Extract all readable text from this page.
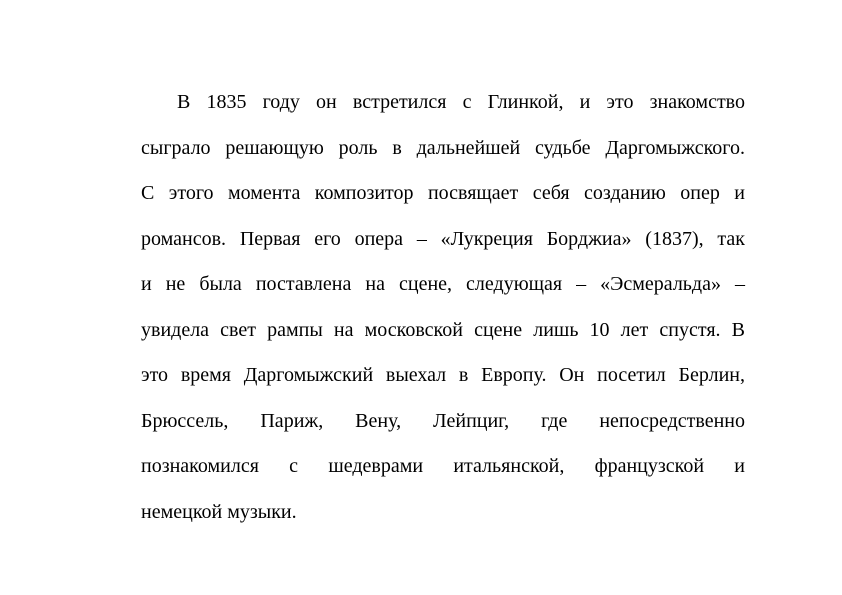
В 1835 году он встретился с Глинкой, и это знакомство
сыграло решающую роль в дальнейшей судьбе Даргомыжского.
С этого момента композитор посвящает себя созданию опер и
романсов. Первая его опера – «Лукреция Борджиа» (1837), так
и не была поставлена на сцене, следующая – «Эсмеральда» –
увидела свет рампы на московской сцене лишь 10 лет спустя. В
это время Даргомыжский выехал в Европу. Он посетил Берлин,
Брюссель, Париж, Вену, Лейпциг, где непосредственно
познакомился с шедеврами итальянской, французской и
немецкой музыки.
